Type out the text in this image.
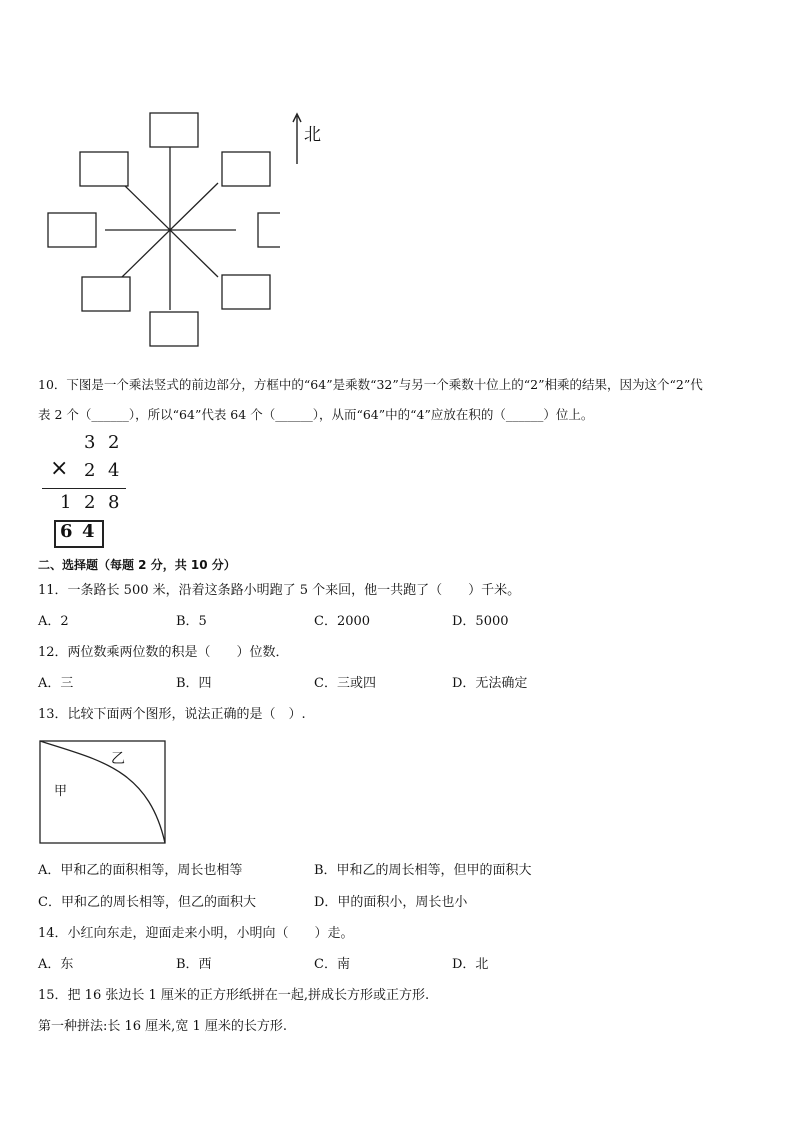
北
10．下图是一个乘法竖式的前边部分，方框中的“64”是乘数“32”与另一个乘数十位上的“2”相乘的结果，因为这个“2”代
表 2 个（______），所以“64”代表 64 个（______），从而“64”中的“4”应放在积的（______）位上。
3 2
× 2 4
1 2 8
6 4
二、选择题（每题 2 分，共 10 分）
11．一条路长 500 米，沿着这条路小明跑了 5 个来回，他一共跑了（　　）千米。
A．2	B．5	C．2000	D．5000
12．两位数乘两位数的积是（　　）位数．
A．三	B．四	C．三或四	D．无法确定
13．比较下面两个图形，说法正确的是（　）.
甲
乙
A．甲和乙的面积相等，周长也相等	B．甲和乙的周长相等，但甲的面积大
C．甲和乙的周长相等，但乙的面积大	D．甲的面积小，周长也小
14．小红向东走，迎面走来小明，小明向（　　）走。
A．东	B．西	C．南	D．北
15．把 16 张边长 1 厘米的正方形纸拼在一起,拼成长方形或正方形.
第一种拼法:长 16 厘米,宽 1 厘米的长方形.
